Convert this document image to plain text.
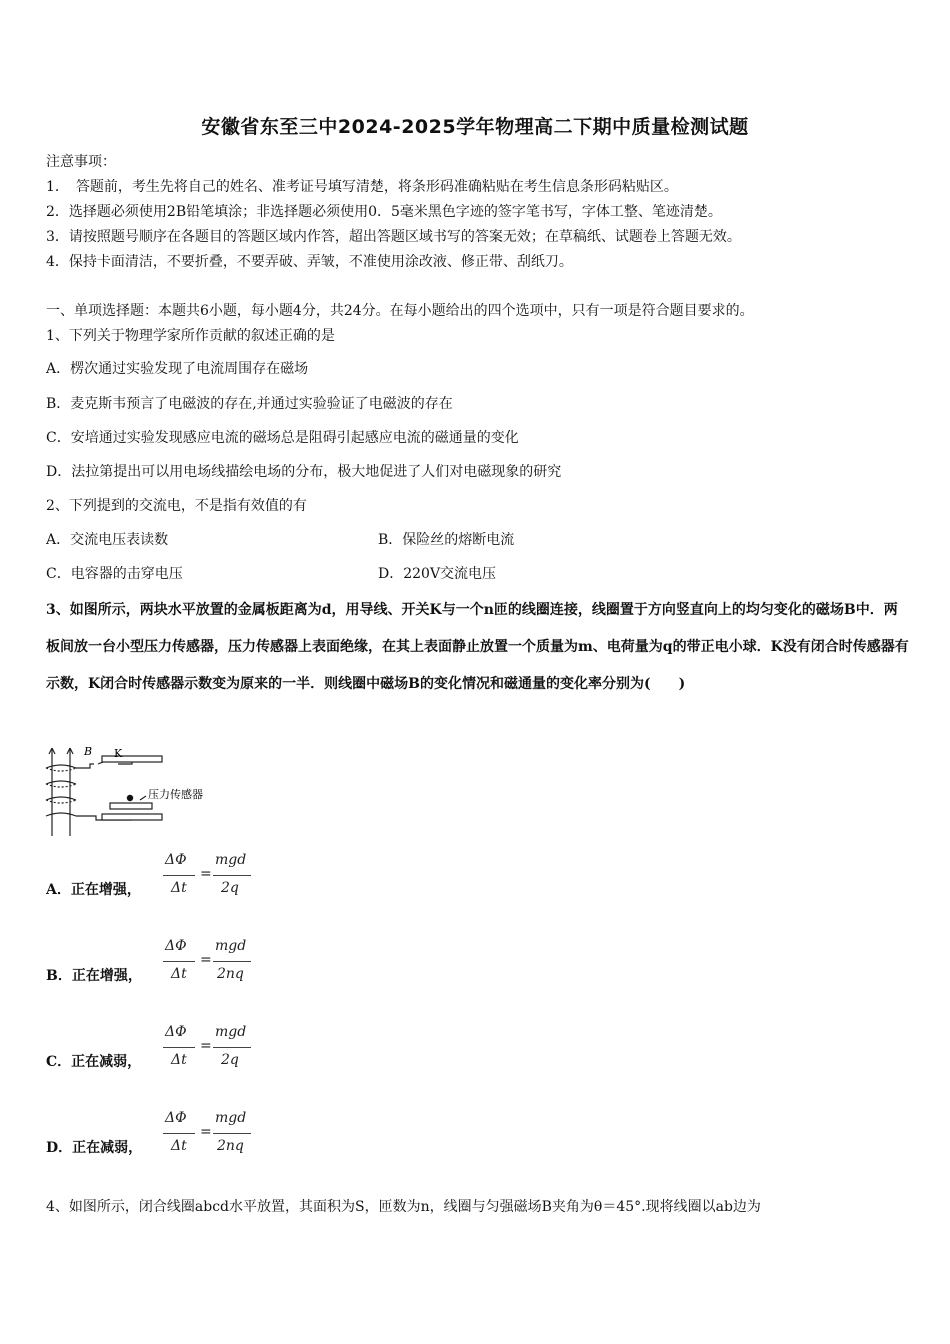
安徽省东至三中2024-2025学年物理高二下期中质量检测试题
注意事项：
1．　答题前，考生先将自己的姓名、准考证号填写清楚，将条形码准确粘贴在考生信息条形码粘贴区。
2．选择题必须使用2B铅笔填涂；非选择题必须使用0．5毫米黑色字迹的签字笔书写，字体工整、笔迹清楚。
3．请按照题号顺序在各题目的答题区域内作答，超出答题区域书写的答案无效；在草稿纸、试题卷上答题无效。
4．保持卡面清洁，不要折叠，不要弄破、弄皱，不准使用涂改液、修正带、刮纸刀。
一、单项选择题：本题共6小题，每小题4分，共24分。在每小题给出的四个选项中，只有一项是符合题目要求的。
1、下列关于物理学家所作贡献的叙述正确的是
A．楞次通过实验发现了电流周围存在磁场
B．麦克斯韦预言了电磁波的存在,并通过实验验证了电磁波的存在
C．安培通过实验发现感应电流的磁场总是阻碍引起感应电流的磁通量的变化
D．法拉第提出可以用电场线描绘电场的分布，极大地促进了人们对电磁现象的研究
2、下列提到的交流电，不是指有效值的有
A．交流电压表读数	B．保险丝的熔断电流
C．电容器的击穿电压	D．220V交流电压
3、如图所示，两块水平放置的金属板距离为d，用导线、开关K与一个n匝的线圈连接，线圈置于方向竖直向上的均匀变化的磁场B中．两板间放一台小型压力传感器，压力传感器上表面绝缘，在其上表面静止放置一个质量为m、电荷量为q的带正电小球．K没有闭合时传感器有示数，K闭合时传感器示数变为原来的一半．则线圈中磁场B的变化情况和磁通量的变化率分别为(　　)
B K
压力传感器
A．正在增强，
ΔΦ
Δt
=
mgd
2q
B．正在增强，
ΔΦ
Δt
=
mgd
2nq
C．正在减弱，
ΔΦ
Δt
=
mgd
2q
D．正在减弱，
ΔΦ
Δt
=
mgd
2nq
4、如图所示，闭合线圈abcd水平放置，其面积为S，匝数为n，线圈与匀强磁场B夹角为θ＝45°.现将线圈以ab边为
